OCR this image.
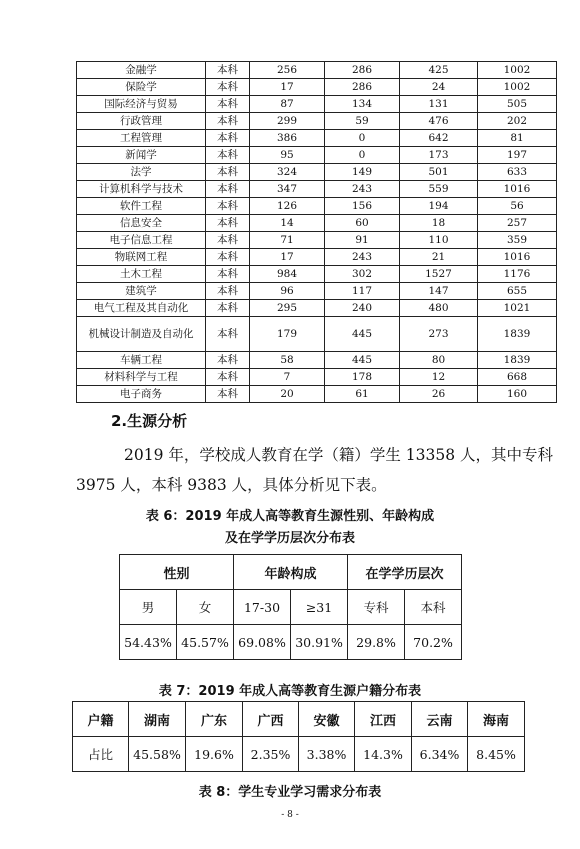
金融学	本科	256	286	425	1002
保险学	本科	17	286	24	1002
国际经济与贸易	本科	87	134	131	505
行政管理	本科	299	59	476	202
工程管理	本科	386	0	642	81
新闻学	本科	95	0	173	197
法学	本科	324	149	501	633
计算机科学与技术	本科	347	243	559	1016
软件工程	本科	126	156	194	56
信息安全	本科	14	60	18	257
电子信息工程	本科	71	91	110	359
物联网工程	本科	17	243	21	1016
土木工程	本科	984	302	1527	1176
建筑学	本科	96	117	147	655
电气工程及其自动化	本科	295	240	480	1021
机械设计制造及自动化	本科	179	445	273	1839
车辆工程	本科	58	445	80	1839
材料科学与工程	本科	7	178	12	668
电子商务	本科	20	61	26	160
2.生源分析
2019 年，学校成人教育在学（籍）学生 13358 人，其中专科 3975 人，本科 9383 人，具体分析见下表。
表 6：2019 年成人高等教育生源性别、年龄构成
及在学学历层次分布表
性别		年龄构成		在学学历层次	
男	女	17-30	≥31	专科	本科
54.43%	45.57%	69.08%	30.91%	29.8%	70.2%
表 7：2019 年成人高等教育生源户籍分布表
户籍	湖南	广东	广西	安徽	江西	云南	海南
占比	45.58%	19.6%	2.35%	3.38%	14.3%	6.34%	8.45%
表 8：学生专业学习需求分布表
- 8 -
